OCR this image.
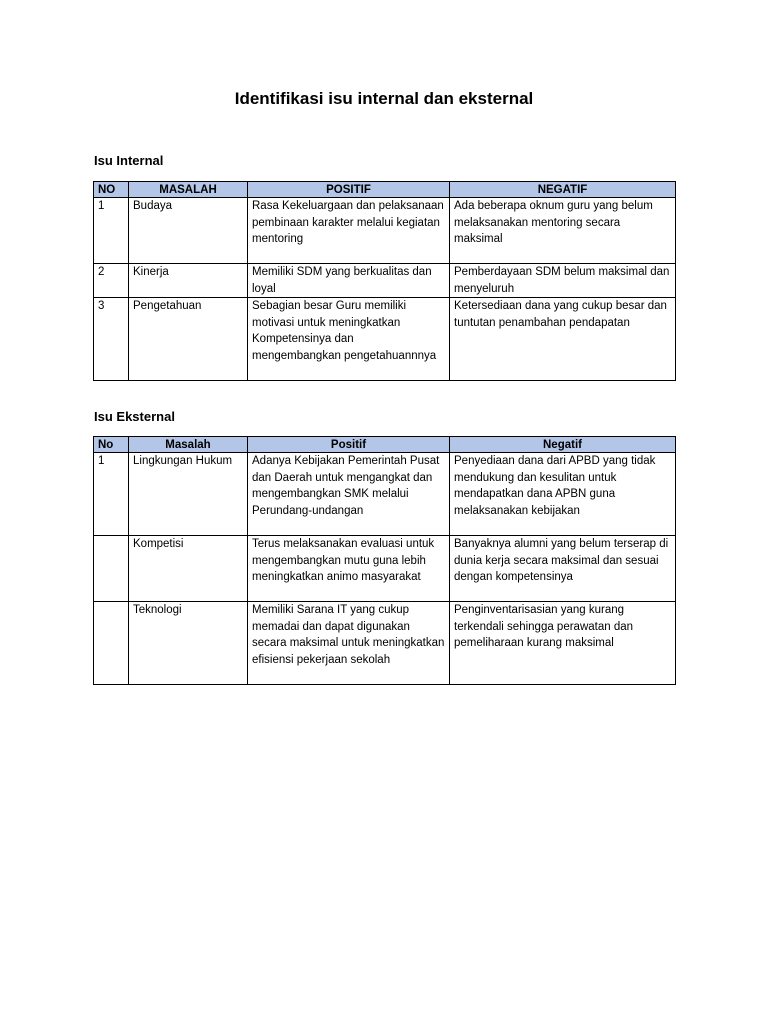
Identifikasi isu internal dan eksternal
Isu Internal
NO	MASALAH	POSITIF	NEGATIF
1	Budaya	Rasa Kekeluargaan dan pelaksanaan pembinaan karakter melalui kegiatan mentoring	Ada beberapa oknum guru yang belum melaksanakan mentoring secara maksimal
2	Kinerja	Memiliki SDM yang berkualitas dan loyal	Pemberdayaan SDM belum maksimal dan menyeluruh
3	Pengetahuan	Sebagian besar Guru memiliki motivasi untuk meningkatkan Kompetensinya dan mengembangkan pengetahuannnya	Ketersediaan dana yang cukup besar dan tuntutan penambahan pendapatan
Isu Eksternal
No	Masalah	Positif	Negatif
1	Lingkungan Hukum	Adanya Kebijakan Pemerintah Pusat dan Daerah untuk mengangkat dan mengembangkan SMK melalui Perundang-undangan	Penyediaan dana dari APBD yang tidak mendukung dan kesulitan untuk mendapatkan dana APBN guna melaksanakan kebijakan
	Kompetisi	Terus melaksanakan evaluasi untuk mengembangkan mutu guna lebih meningkatkan animo masyarakat	Banyaknya alumni yang belum terserap di dunia kerja secara maksimal dan sesuai dengan kompetensinya
	Teknologi	Memiliki Sarana IT yang cukup memadai dan dapat digunakan secara maksimal untuk meningkatkan efisiensi pekerjaan sekolah	Penginventarisasian yang kurang terkendali sehingga perawatan dan pemeliharaan kurang maksimal
